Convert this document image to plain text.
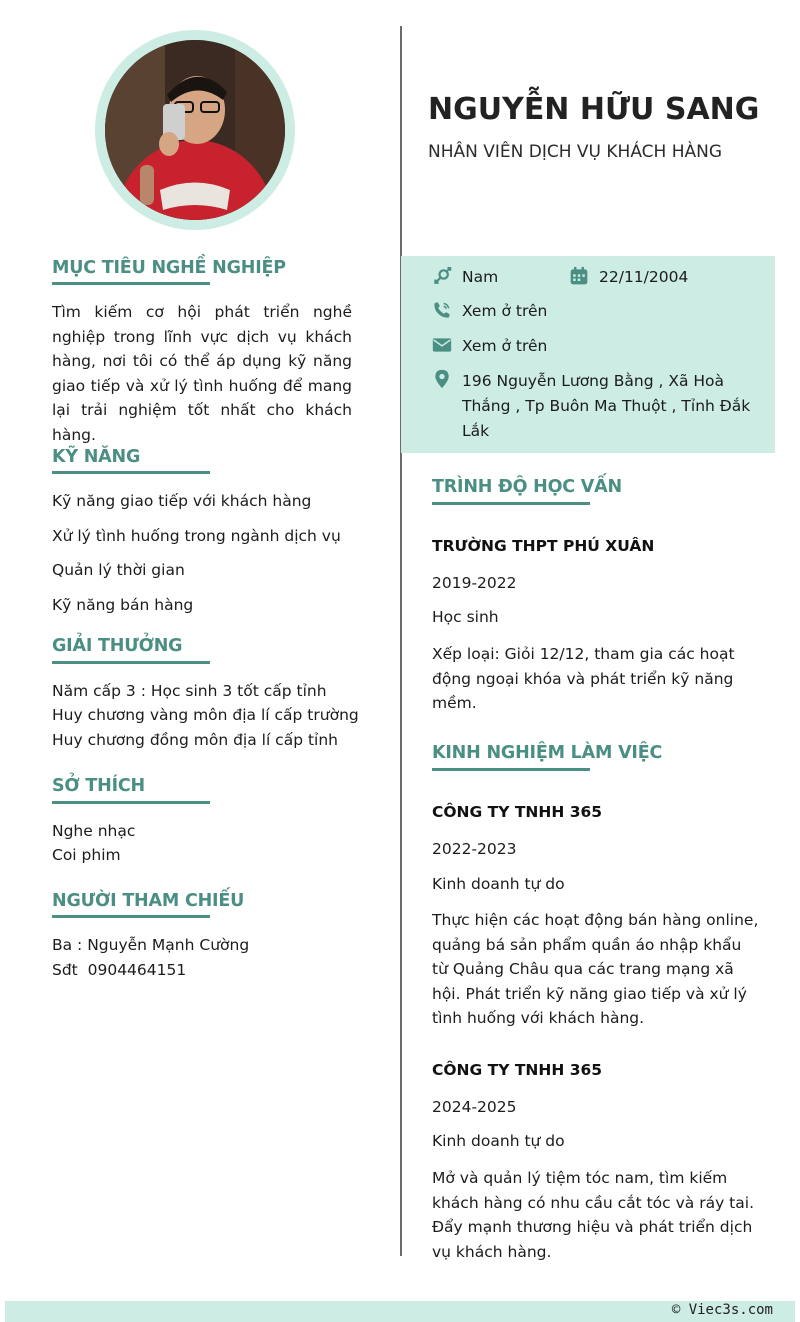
MỤC TIÊU NGHỀ NGHIỆP
Tìm kiếm cơ hội phát triển nghề nghiệp trong lĩnh vực dịch vụ khách hàng, nơi tôi có thể áp dụng kỹ năng giao tiếp và xử lý tình huống để mang lại trải nghiệm tốt nhất cho khách hàng.
KỸ NĂNG
Kỹ năng giao tiếp với khách hàng
Xử lý tình huống trong ngành dịch vụ
Quản lý thời gian
Kỹ năng bán hàng
GIẢI THƯỞNG
Năm cấp 3 : Học sinh 3 tốt cấp tỉnh
Huy chương vàng môn địa lí cấp trường
Huy chương đồng môn địa lí cấp tỉnh
SỞ THÍCH
Nghe nhạc
Coi phim
NGƯỜI THAM CHIẾU
Ba : Nguyễn Mạnh Cường
Sđt  0904464151
NGUYỄN HỮU SANG
NHÂN VIÊN DỊCH VỤ KHÁCH HÀNG
Nam	22/11/2004
Xem ở trên
Xem ở trên
196 Nguyễn Lương Bằng , Xã Hoà Thắng , Tp Buôn Ma Thuột , Tỉnh Đắk Lắk
TRÌNH ĐỘ HỌC VẤN
TRƯỜNG THPT PHÚ XUÂN
2019-2022
Học sinh
Xếp loại: Giỏi 12/12, tham gia các hoạt động ngoại khóa và phát triển kỹ năng mềm.
KINH NGHIỆM LÀM VIỆC
CÔNG TY TNHH 365
2022-2023
Kinh doanh tự do
Thực hiện các hoạt động bán hàng online, quảng bá sản phẩm quần áo nhập khẩu từ Quảng Châu qua các trang mạng xã hội. Phát triển kỹ năng giao tiếp và xử lý tình huống với khách hàng.
CÔNG TY TNHH 365
2024-2025
Kinh doanh tự do
Mở và quản lý tiệm tóc nam, tìm kiếm khách hàng có nhu cầu cắt tóc và ráy tai. Đẩy mạnh thương hiệu và phát triển dịch vụ khách hàng.
© Viec3s.com
